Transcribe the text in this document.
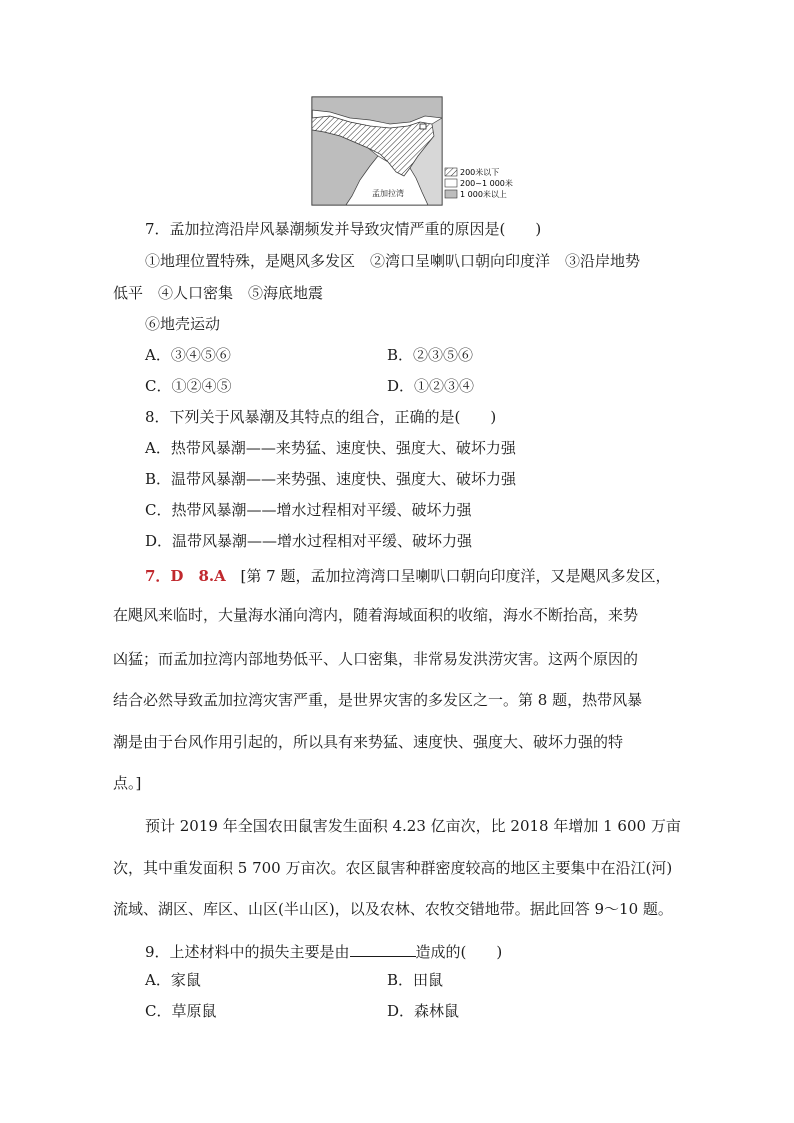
孟加拉湾
200米以下
200~1 000米
1 000米以上
7．孟加拉湾沿岸风暴潮频发并导致灾情严重的原因是(　　)
①地理位置特殊，是飓风多发区　②湾口呈喇叭口朝向印度洋　③沿岸地势
低平　④人口密集　⑤海底地震
⑥地壳运动
A．③④⑤⑥	B．②③⑤⑥
C．①②④⑤	D．①②③④
8．下列关于风暴潮及其特点的组合，正确的是(　　)
A．热带风暴潮——来势猛、速度快、强度大、破坏力强
B．温带风暴潮——来势强、速度快、强度大、破坏力强
C．热带风暴潮——增水过程相对平缓、破坏力强
D．温带风暴潮——增水过程相对平缓、破坏力强
7．D　8.A [第 7 题，孟加拉湾湾口呈喇叭口朝向印度洋，又是飓风多发区，
在飓风来临时，大量海水涌向湾内，随着海域面积的收缩，海水不断抬高，来势
凶猛；而孟加拉湾内部地势低平、人口密集，非常易发洪涝灾害。这两个原因的
结合必然导致孟加拉湾灾害严重，是世界灾害的多发区之一。第 8 题，热带风暴
潮是由于台风作用引起的，所以具有来势猛、速度快、强度大、破坏力强的特
点。]
预计 2019 年全国农田鼠害发生面积 4.23 亿亩次，比 2018 年增加 1 600 万亩
次，其中重发面积 5 700 万亩次。农区鼠害种群密度较高的地区主要集中在沿江(河)
流域、湖区、库区、山区(半山区)，以及农林、农牧交错地带。据此回答 9～10 题。
9．上述材料中的损失主要是由	造成的(　　)
A．家鼠	B．田鼠
C．草原鼠	D．森林鼠
